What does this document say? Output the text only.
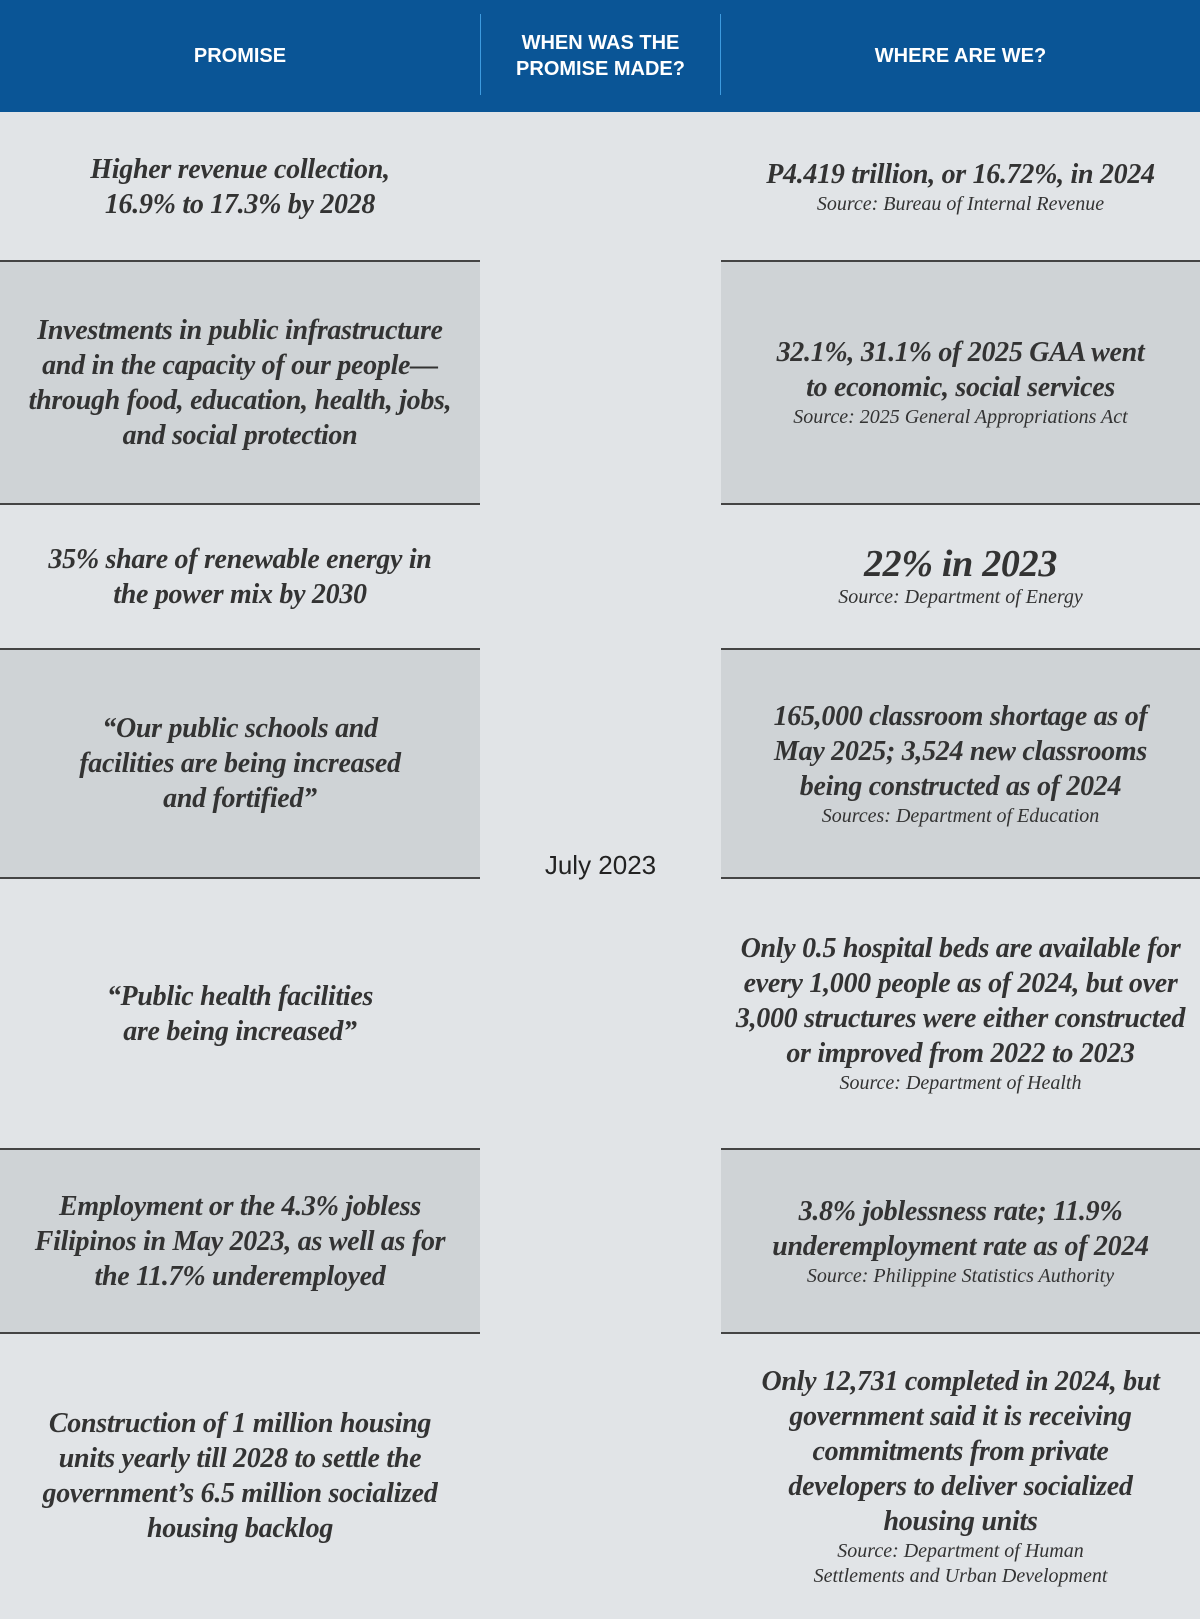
PROMISE
WHEN WAS THE PROMISE MADE?
WHERE ARE WE?
Higher revenue collection, 16.9% to 17.3% by 2028
P4.419 trillion, or 16.72%, in 2024
Source: Bureau of Internal Revenue
Investments in public infrastructure and in the capacity of our people—through food, education, health, jobs, and social protection
32.1%, 31.1% of 2025 GAA went to economic, social services
Source: 2025 General Appropriations Act
35% share of renewable energy in the power mix by 2030
22% in 2023
Source: Department of Energy
“Our public schools and facilities are being increased and fortified”
165,000 classroom shortage as of May 2025; 3,524 new classrooms being constructed as of 2024
Sources: Department of Education
“Public health facilities are being increased”
Only 0.5 hospital beds are available for every 1,000 people as of 2024, but over 3,000 structures were either constructed or improved from 2022 to 2023
Source: Department of Health
Employment or the 4.3% jobless Filipinos in May 2023, as well as for the 11.7% underemployed
3.8% joblessness rate; 11.9% underemployment rate as of 2024
Source: Philippine Statistics Authority
Construction of 1 million housing units yearly till 2028 to settle the government’s 6.5 million socialized housing backlog
Only 12,731 completed in 2024, but government said it is receiving commitments from private developers to deliver socialized housing units
Source: Department of Human Settlements and Urban Development
July 2023
